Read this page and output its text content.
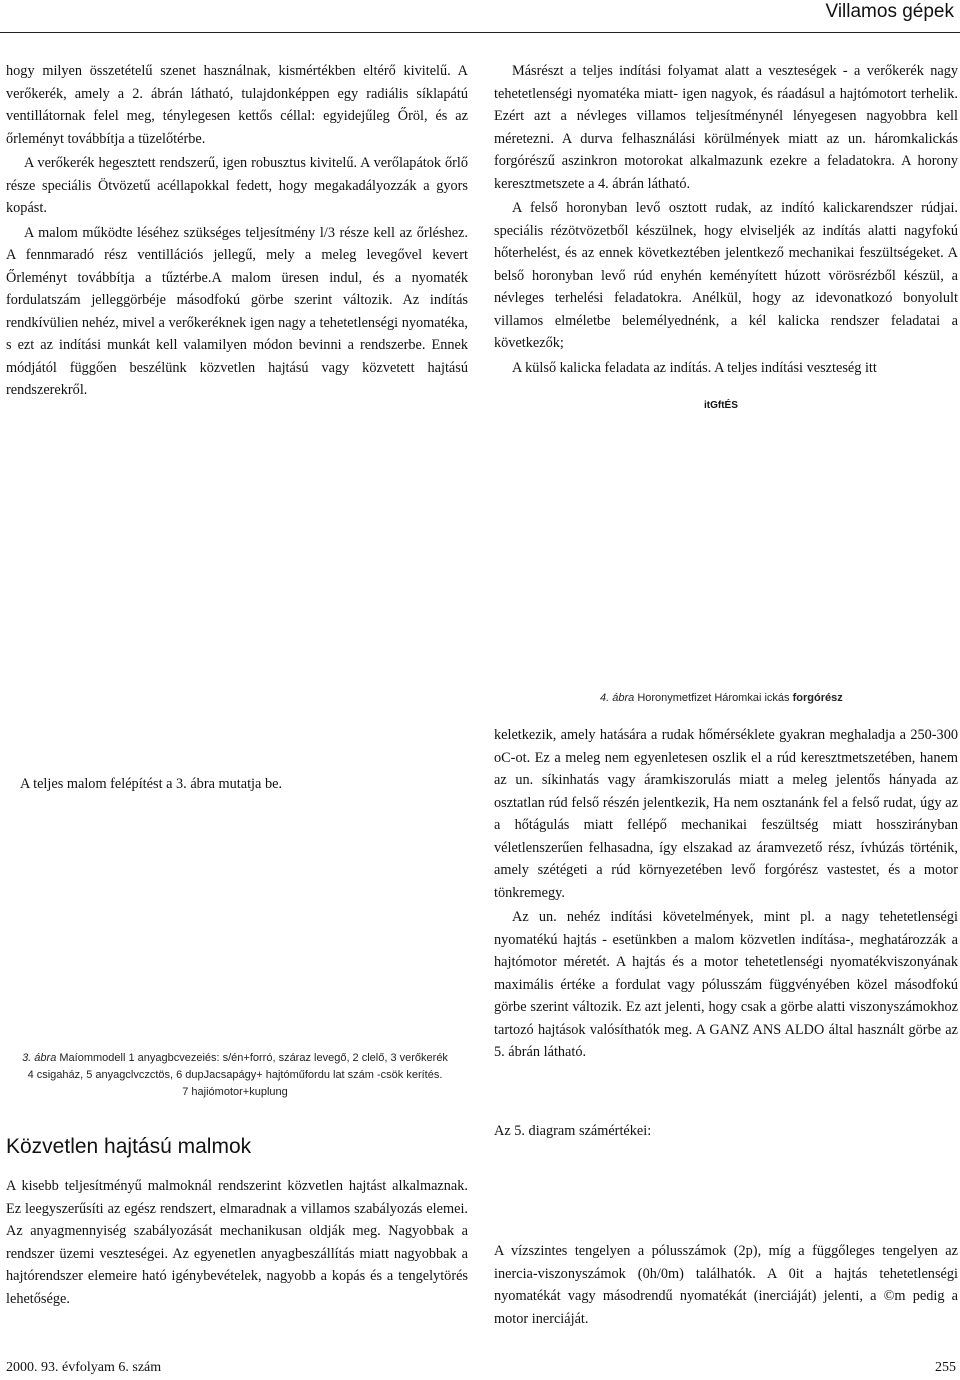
Villamos gépek

hogy milyen összetételű szenet használnak, kismértékben eltérő kivitelű. A verőkerék, amely a 2. ábrán látható, tulajdonképpen egy radiális síklapátú ventillátornak felel meg, ténylegesen kettős céllal: egyidejűleg Őröl, és az őrleményt továbbítja a tüzelőtérbe.

A verőkerék hegesztett rendszerű, igen robusztus kivitelű. A verőlapátok őrlő része speciális Ötvözetű acéllapokkal fedett, hogy megakadályozzák a gyors kopást.

A malom működte léséhez szükséges teljesítmény l/3 része kell az őrléshez. A fennmaradó rész ventillációs jellegű, mely a meleg levegővel kevert Őrleményt továbbítja a tűztérbe.A malom üresen indul, és a nyomaték fordulatszám jelleggörbéje másodfokú görbe szerint változik. Az indítás rendkívülien nehéz, mivel a verőkeréknek igen nagy a tehetetlenségi nyomatéka, s ezt az indítási munkát kell valamilyen módon bevinni a rendszerbe. Ennek módjától függően beszélünk közvetlen hajtású vagy közvetett hajtású rendszerekről.

Másrészt a teljes indítási folyamat alatt a veszteségek - a verőkerék nagy tehetetlenségi nyomatéka miatt- igen nagyok, és ráadásul a hajtómotort terhelik. Ezért azt a névleges villamos teljesítménynél lényegesen nagyobbra kell méretezni. A durva felhasználási körülmények miatt az un. háromkalickás forgórészű aszinkron motorokat alkalmazunk ezekre a feladatokra. A horony keresztmetszete a 4. ábrán látható.

A felső horonyban levő osztott rudak, az indító kalickarendszer rúdjai. speciális rézötvözetből készülnek, hogy elviseljék az indítás alatti nagyfokú hőterhelést, és az ennek következtében jelentkező mechanikai feszültségeket. A belső horonyban levő rúd enyhén keményített húzott vörösrézből készül, a névleges terhelési feladatokra. Anélkül, hogy az idevonatkozó bonyolult villamos elméletbe belemélyednénk, a kél kalicka rendszer feladatai a következők;

A külső kalicka feladata az indítás. A teljes indítási veszteség itt

itGftÉS
4. ábra Horonymetfizet Háromkai ickás forgórész
A teljes malom felépítést a 3. ábra mutatja be.
3. ábra Maíommodell 1 anyagbcvezeiés: s/én+forró, száraz levegő, 2 clelő, 3 verőkerék
4 csigaház, 5 anyagclvczctös, 6 dupJacsapágy+ hajtóműfordu lat szám -csök kerítés.
7 hajiómotor+kuplung
Közvetlen hajtású malmok

A kisebb teljesítményű malmoknál rendszerint közvetlen hajtást alkalmaznak. Ez leegyszerűsíti az egész rendszert, elmaradnak a villamos szabályozás elemei. Az anyagmennyiség szabályozását mechanikusan oldják meg. Nagyobbak a rendszer üzemi veszteségei. Az egyenetlen anyagbeszállítás miatt nagyobbak a hajtórendszer elemeire ható igénybevételek, nagyobb a kopás és a tengelytörés lehetősége.

keletkezik, amely hatására a rudak hőmérséklete gyakran meghaladja a 250-300 oC-ot. Ez a meleg nem egyenletesen oszlik el a rúd keresztmetszetében, hanem az un. síkinhatás vagy áramkiszorulás miatt a meleg jelentős hányada az osztatlan rúd felső részén jelentkezik, Ha nem osztanánk fel a felső rudat, úgy az a hőtágulás miatt fellépő mechanikai feszültség miatt hosszirányban véletlenszerűen felhasadna, így elszakad az áramvezető rész, ívhúzás történik, amely szétégeti a rúd környezetében levő forgórész vastestet, és a motor tönkremegy.

Az un. nehéz indítási követelmények, mint pl. a nagy tehetetlenségi nyomatékú hajtás - esetünkben a malom közvetlen indítása-, meghatározzák a hajtómotor méretét. A hajtás és a motor tehetetlenségi nyomatékviszonyának maximális értéke a fordulat vagy pólusszám függvényében közel másodfokú görbe szerint változik. Ez azt jelenti, hogy csak a görbe alatti viszonyszámokhoz tartozó hajtások valósíthatók meg. A GANZ ANS ALDO által használt görbe az 5. ábrán látható.

Az 5. diagram számértékei:
A vízszintes tengelyen a pólusszámok (2p), míg a függőleges tengelyen az inercia-viszonyszámok (0h/0m) találhatók. A 0it a hajtás tehetetlenségi nyomatékát vagy másodrendű nyomatékát (inerciáját) jelenti, a ©m pedig a motor inerciáját.
2000. 93. évfolyam 6. szám	255
